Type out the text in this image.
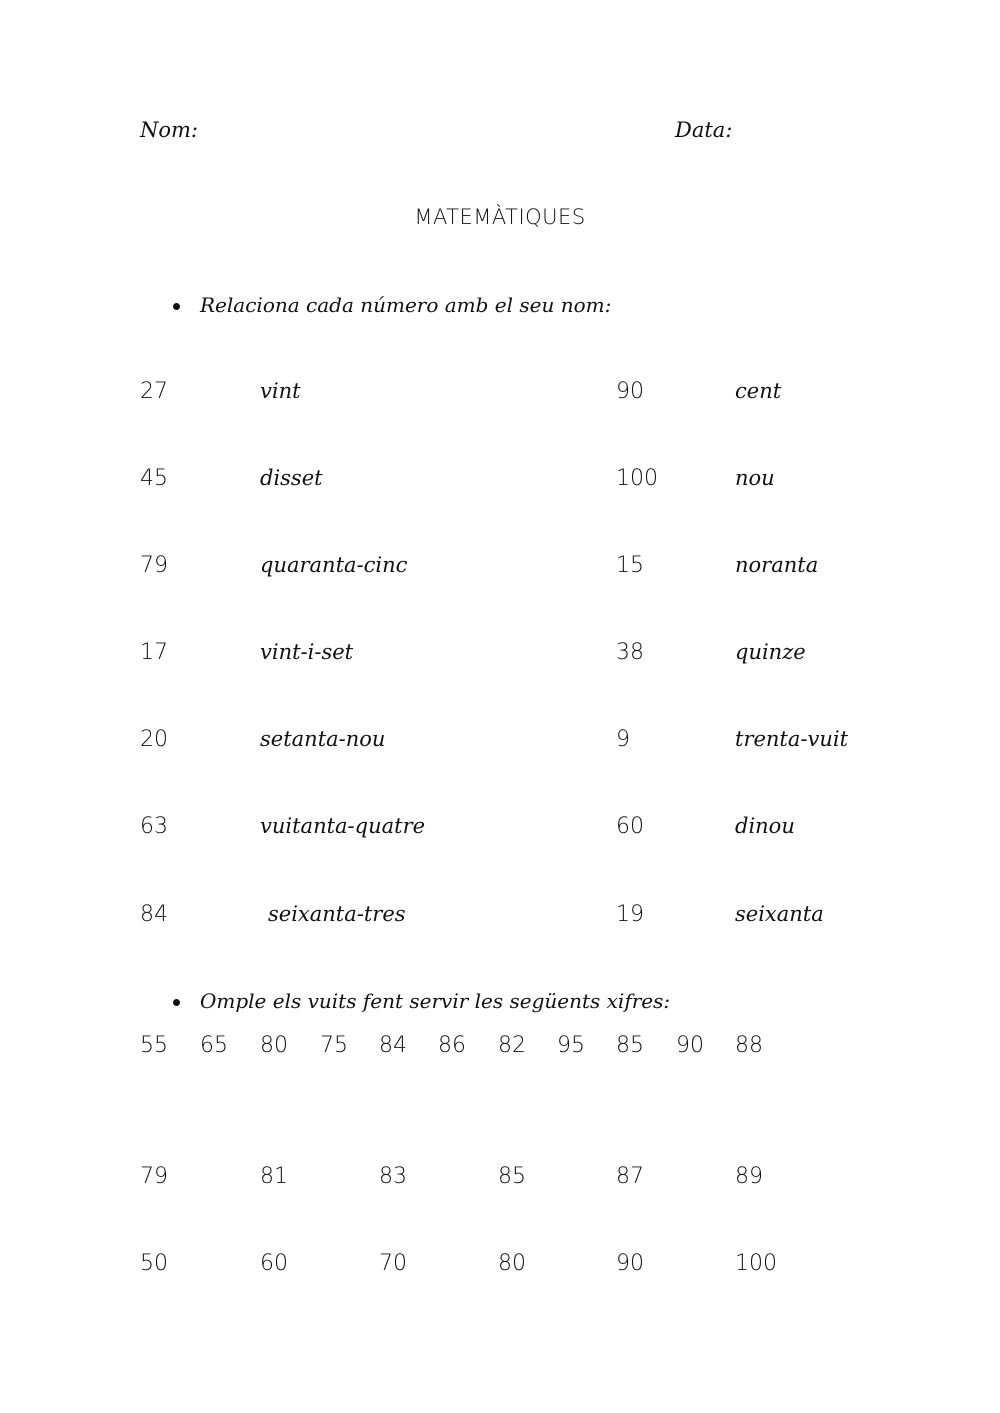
Nom:	Data:
MATEMÀTIQUES
Relaciona cada número amb el seu nom:
27	vint	90	cent
45	disset	100	nou
79	quaranta-cinc	15	noranta
17	vint-i-set	38	quinze
20	setanta-nou	9	trenta-vuit
63	vuitanta-quatre	60	dinou
84	seixanta-tres	19	seixanta
Omple els vuits fent servir les següents xifres:
55 65 80 75 84 86 82 95 85 90 88
79	81	83	85	87	89
50	60	70	80	90	100
